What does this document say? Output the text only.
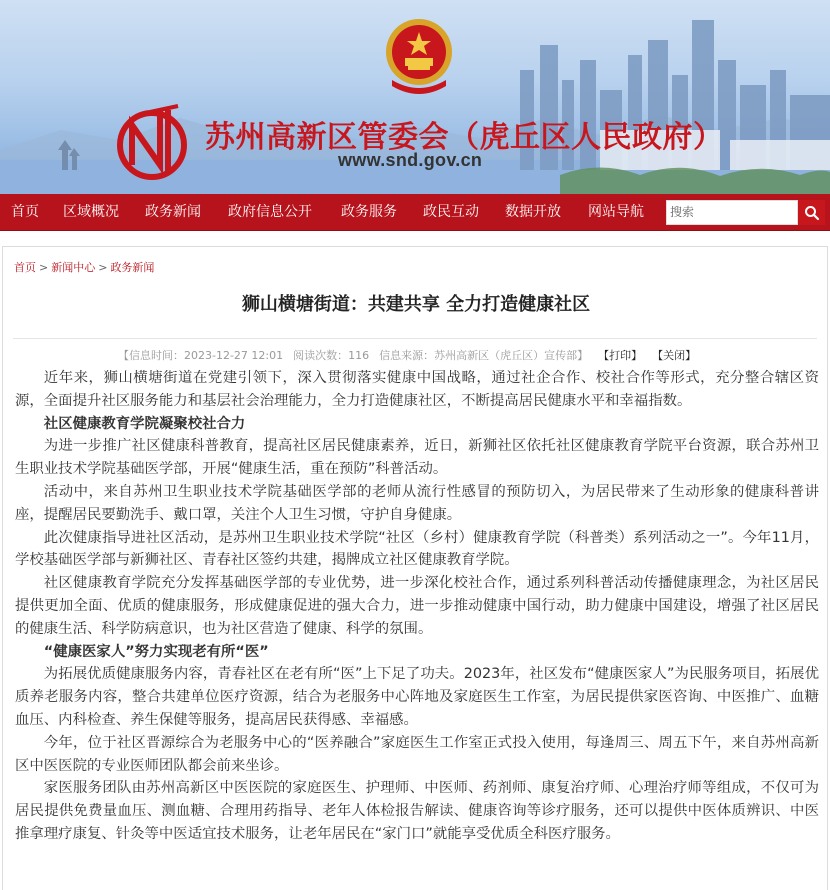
苏州高新区管委会（虎丘区人民政府）
www.snd.gov.cn
首页 区域概况 政务新闻 政府信息公开 政务服务 政民互动 数据开放 网站导航	搜索
首页 > 新闻中心 > 政务新闻
狮山横塘街道：共建共享 全力打造健康社区
【信息时间：2023-12-27 12:01 阅读次数：116 信息来源：苏州高新区（虎丘区）宣传部】 【打印】 【关闭】

近年来，狮山横塘街道在党建引领下，深入贯彻落实健康中国战略，通过社企合作、校社合作等形式，充分整合辖区资源，全面提升社区服务能力和基层社会治理能力，全力打造健康社区，不断提高居民健康水平和幸福指数。

社区健康教育学院凝聚校社合力

为进一步推广社区健康科普教育，提高社区居民健康素养，近日，新狮社区依托社区健康教育学院平台资源，联合苏州卫生职业技术学院基础医学部，开展“健康生活，重在预防”科普活动。

活动中，来自苏州卫生职业技术学院基础医学部的老师从流行性感冒的预防切入，为居民带来了生动形象的健康科普讲座，提醒居民要勤洗手、戴口罩，关注个人卫生习惯，守护自身健康。

此次健康指导进社区活动，是苏州卫生职业技术学院“社区（乡村）健康教育学院（科普类）系列活动之一”。今年11月，学校基础医学部与新狮社区、青春社区签约共建，揭牌成立社区健康教育学院。

社区健康教育学院充分发挥基础医学部的专业优势，进一步深化校社合作，通过系列科普活动传播健康理念，为社区居民提供更加全面、优质的健康服务，形成健康促进的强大合力，进一步推动健康中国行动，助力健康中国建设，增强了社区居民的健康生活、科学防病意识，也为社区营造了健康、科学的氛围。

“健康医家人”努力实现老有所“医”

为拓展优质健康服务内容，青春社区在老有所“医”上下足了功夫。2023年，社区发布“健康医家人”为民服务项目，拓展优质养老服务内容，整合共建单位医疗资源，结合为老服务中心阵地及家庭医生工作室，为居民提供家医咨询、中医推广、血糖血压、内科检查、养生保健等服务，提高居民获得感、幸福感。

今年，位于社区晋源综合为老服务中心的“医养融合”家庭医生工作室正式投入使用，每逢周三、周五下午，来自苏州高新区中医医院的专业医师团队都会前来坐诊。

家医服务团队由苏州高新区中医医院的家庭医生、护理师、中医师、药剂师、康复治疗师、心理治疗师等组成，不仅可为居民提供免费量血压、测血糖、合理用药指导、老年人体检报告解读、健康咨询等诊疗服务，还可以提供中医体质辨识、中医推拿理疗康复、针灸等中医适宜技术服务，让老年居民在“家门口”就能享受优质全科医疗服务。
